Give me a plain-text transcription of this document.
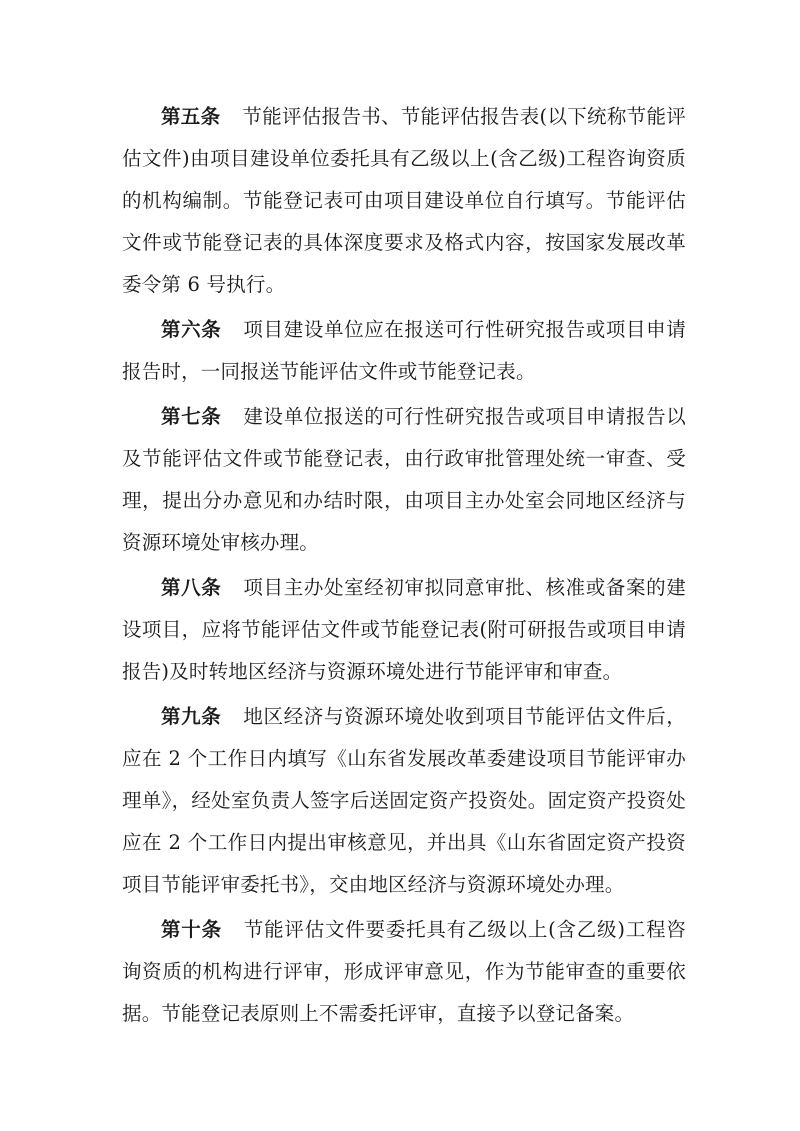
第五条 节能评估报告书、节能评估报告表(以下统称节能评估文件)由项目建设单位委托具有乙级以上(含乙级)工程咨询资质的机构编制。节能登记表可由项目建设单位自行填写。节能评估文件或节能登记表的具体深度要求及格式内容，按国家发展改革委令第 6 号执行。

第六条 项目建设单位应在报送可行性研究报告或项目申请报告时，一同报送节能评估文件或节能登记表。

第七条 建设单位报送的可行性研究报告或项目申请报告以及节能评估文件或节能登记表，由行政审批管理处统一审查、受理，提出分办意见和办结时限，由项目主办处室会同地区经济与资源环境处审核办理。

第八条 项目主办处室经初审拟同意审批、核准或备案的建设项目，应将节能评估文件或节能登记表(附可研报告或项目申请报告)及时转地区经济与资源环境处进行节能评审和审查。

第九条 地区经济与资源环境处收到项目节能评估文件后，应在 2 个工作日内填写《山东省发展改革委建设项目节能评审办理单》，经处室负责人签字后送固定资产投资处。固定资产投资处应在 2 个工作日内提出审核意见，并出具《山东省固定资产投资项目节能评审委托书》，交由地区经济与资源环境处办理。

第十条 节能评估文件要委托具有乙级以上(含乙级)工程咨询资质的机构进行评审，形成评审意见，作为节能审查的重要依据。节能登记表原则上不需委托评审，直接予以登记备案。
